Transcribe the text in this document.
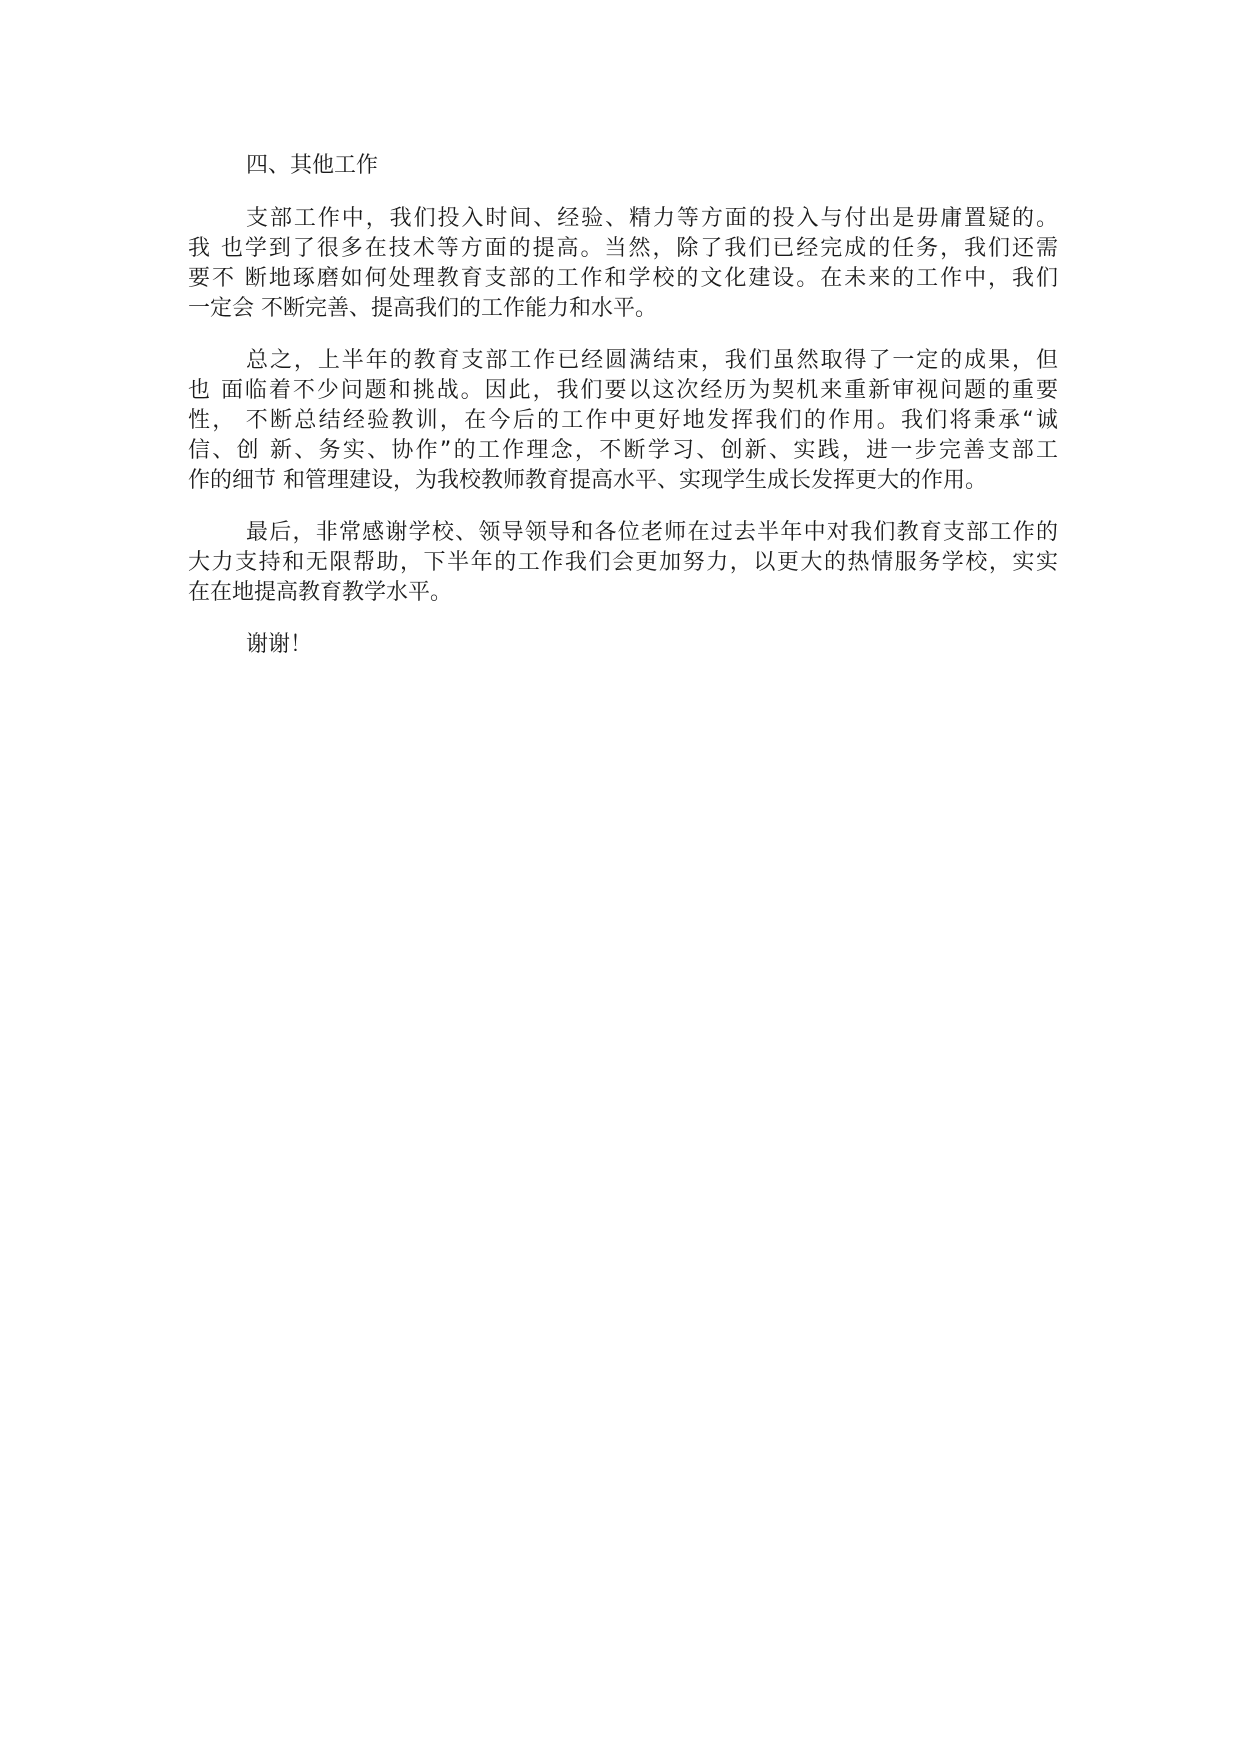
四、其他工作

支部工作中，我们投入时间、经验、精力等方面的投入与付出是毋庸置疑的。
我 也学到了很多在技术等方面的提高。当然，除了我们已经完成的任务，我们还需
要不 断地琢磨如何处理教育支部的工作和学校的文化建设。在未来的工作中，我们
一定会 不断完善、提高我们的工作能力和水平。

总之，上半年的教育支部工作已经圆满结束，我们虽然取得了一定的成果，但
也 面临着不少问题和挑战。因此，我们要以这次经历为契机来重新审视问题的重要
性， 不断总结经验教训，在今后的工作中更好地发挥我们的作用。我们将秉承“诚
信、创 新、务实、协作”的工作理念，不断学习、创新、实践，进一步完善支部工
作的细节 和管理建设，为我校教师教育提高水平、实现学生成长发挥更大的作用。

最后，非常感谢学校、领导领导和各位老师在过去半年中对我们教育支部工作的
大力支持和无限帮助，下半年的工作我们会更加努力，以更大的热情服务学校，实实
在在地提高教育教学水平。

谢谢！
